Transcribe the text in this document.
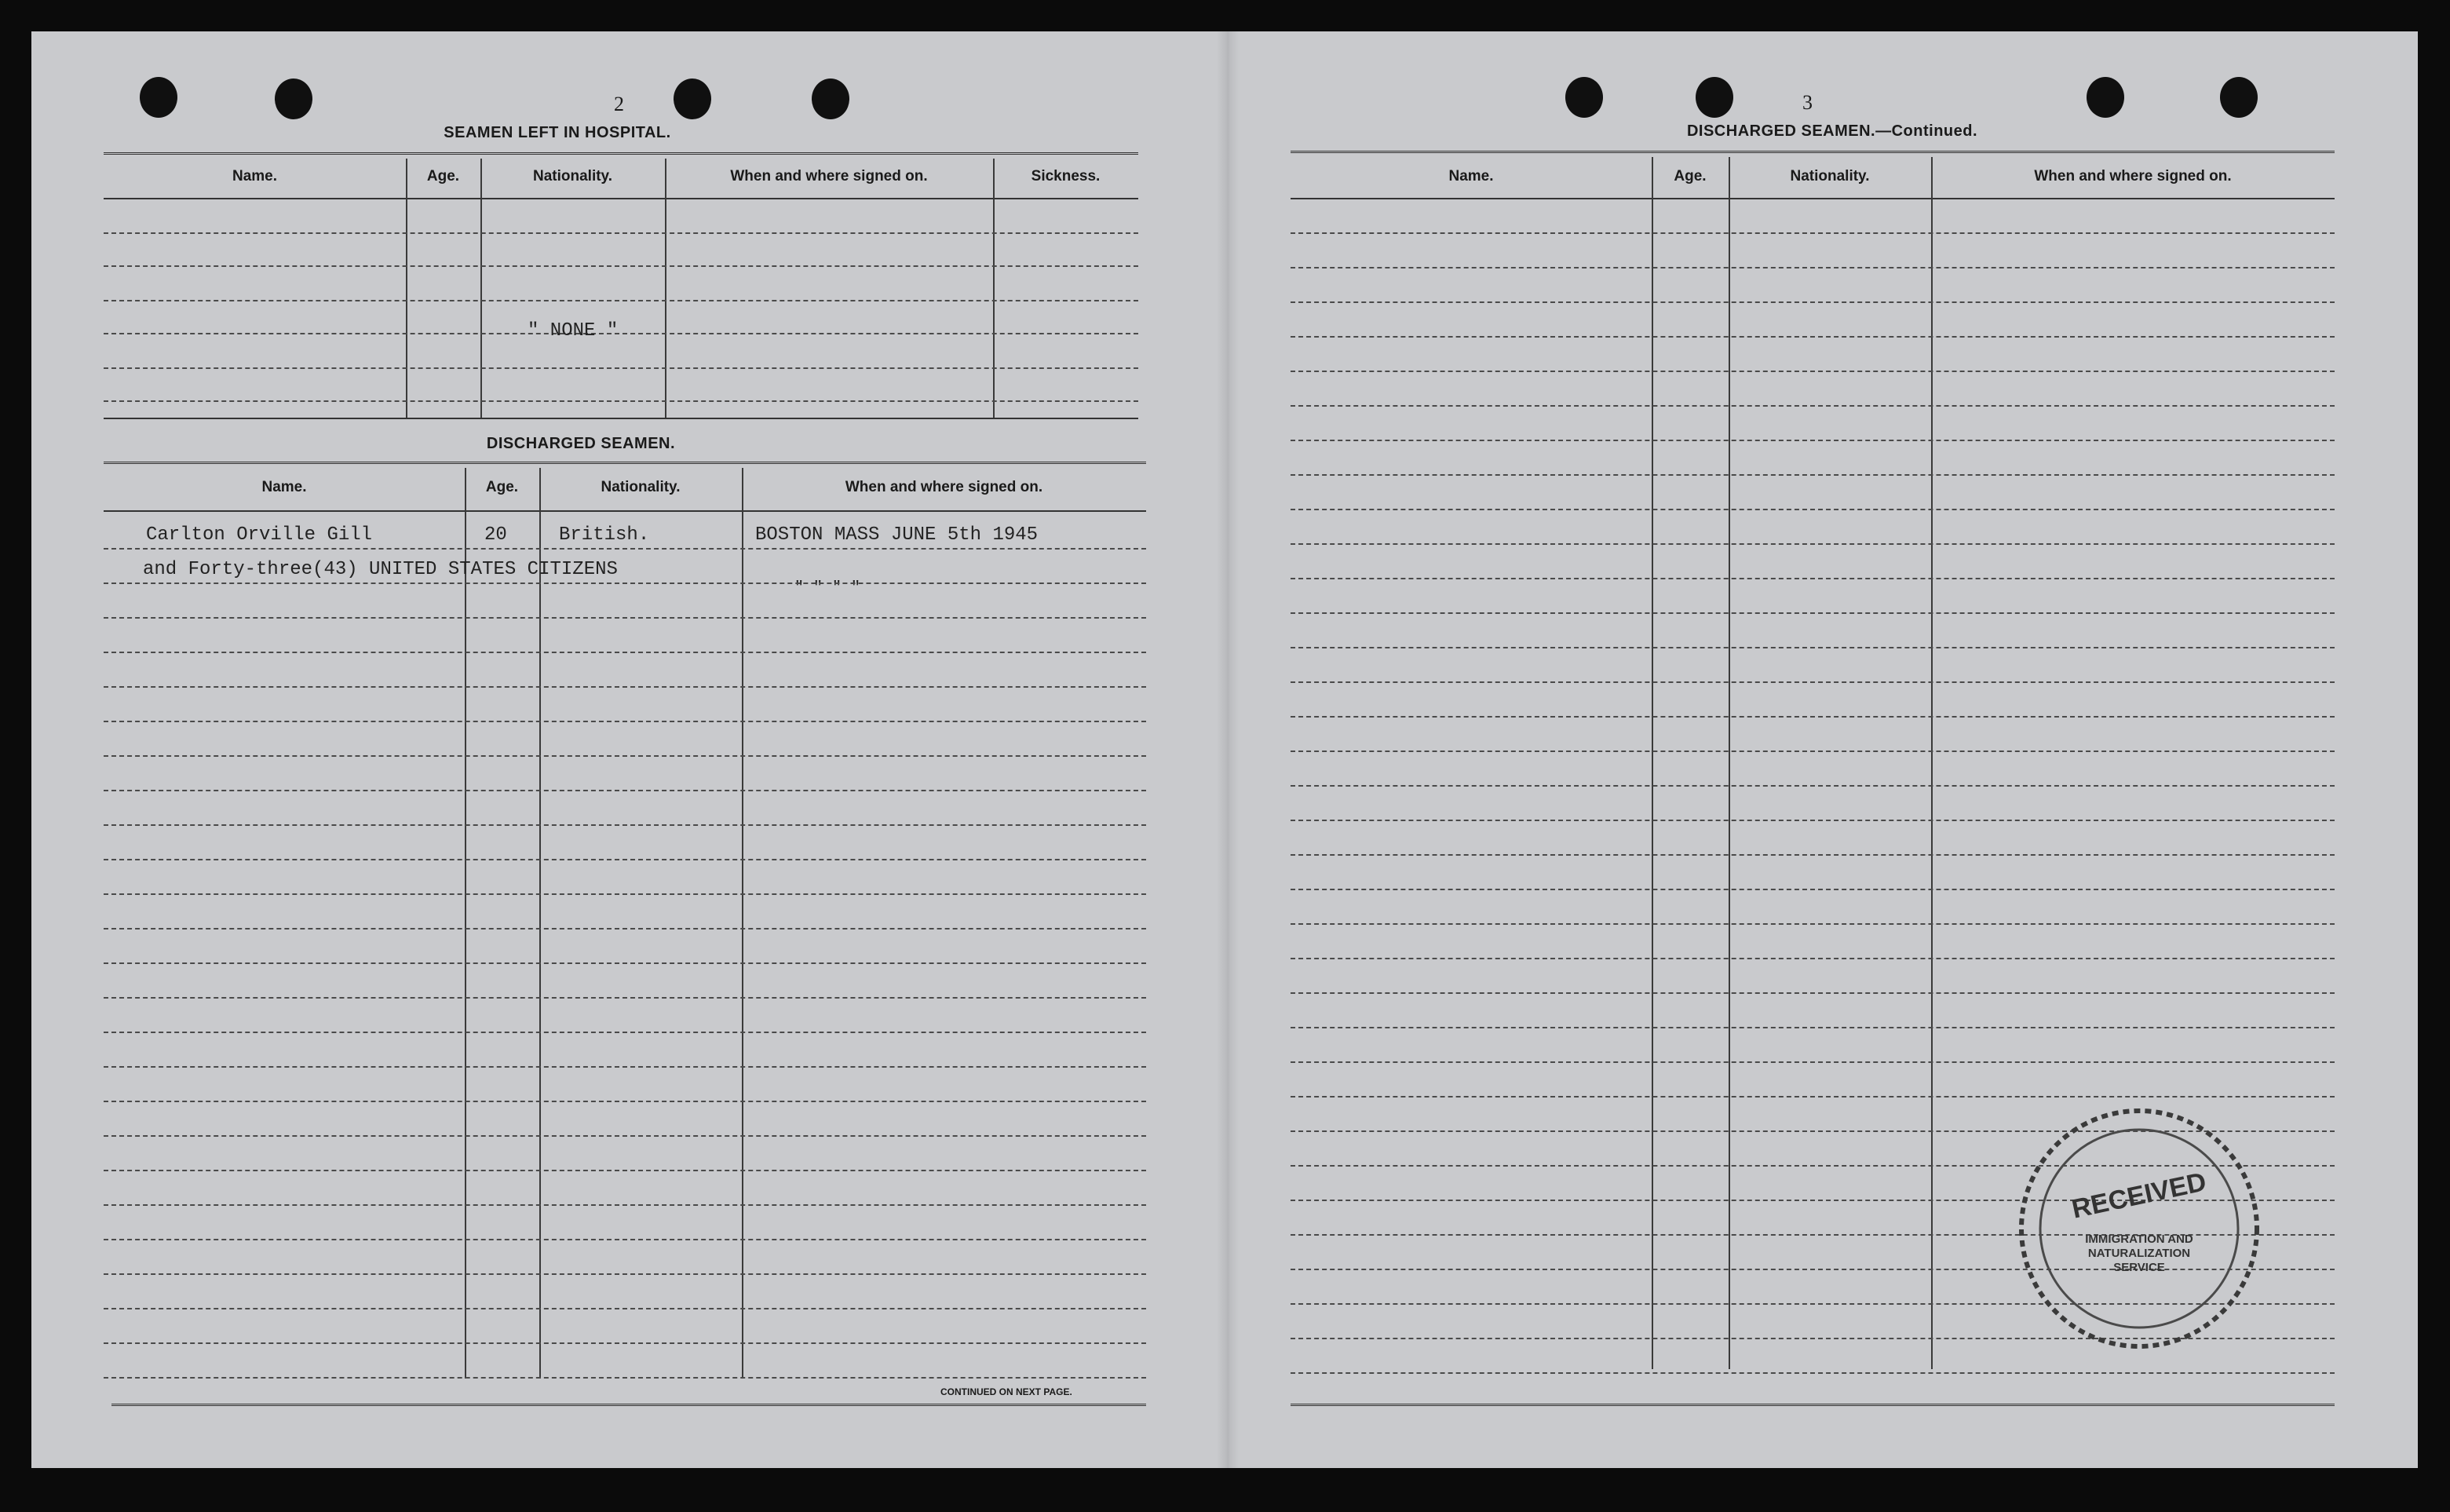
2
SEAMEN LEFT IN HOSPITAL.
Name.	Age.	Nationality.	When and where signed on.	Sickness.
" NONE "
DISCHARGED SEAMEN.
Name.	Age.	Nationality.	When and where signed on.
Carlton Orville Gill	20	British.	BOSTON MASS JUNE 5th 1945
and Forty-three(43) UNITED STATES CITIZENS
" " " "
CONTINUED ON NEXT PAGE.
3
DISCHARGED SEAMEN.—Continued.
Name.	Age.	Nationality.	When and where signed on.
RECEIVED
IMMIGRATION AND NATURALIZATION SERVICE
